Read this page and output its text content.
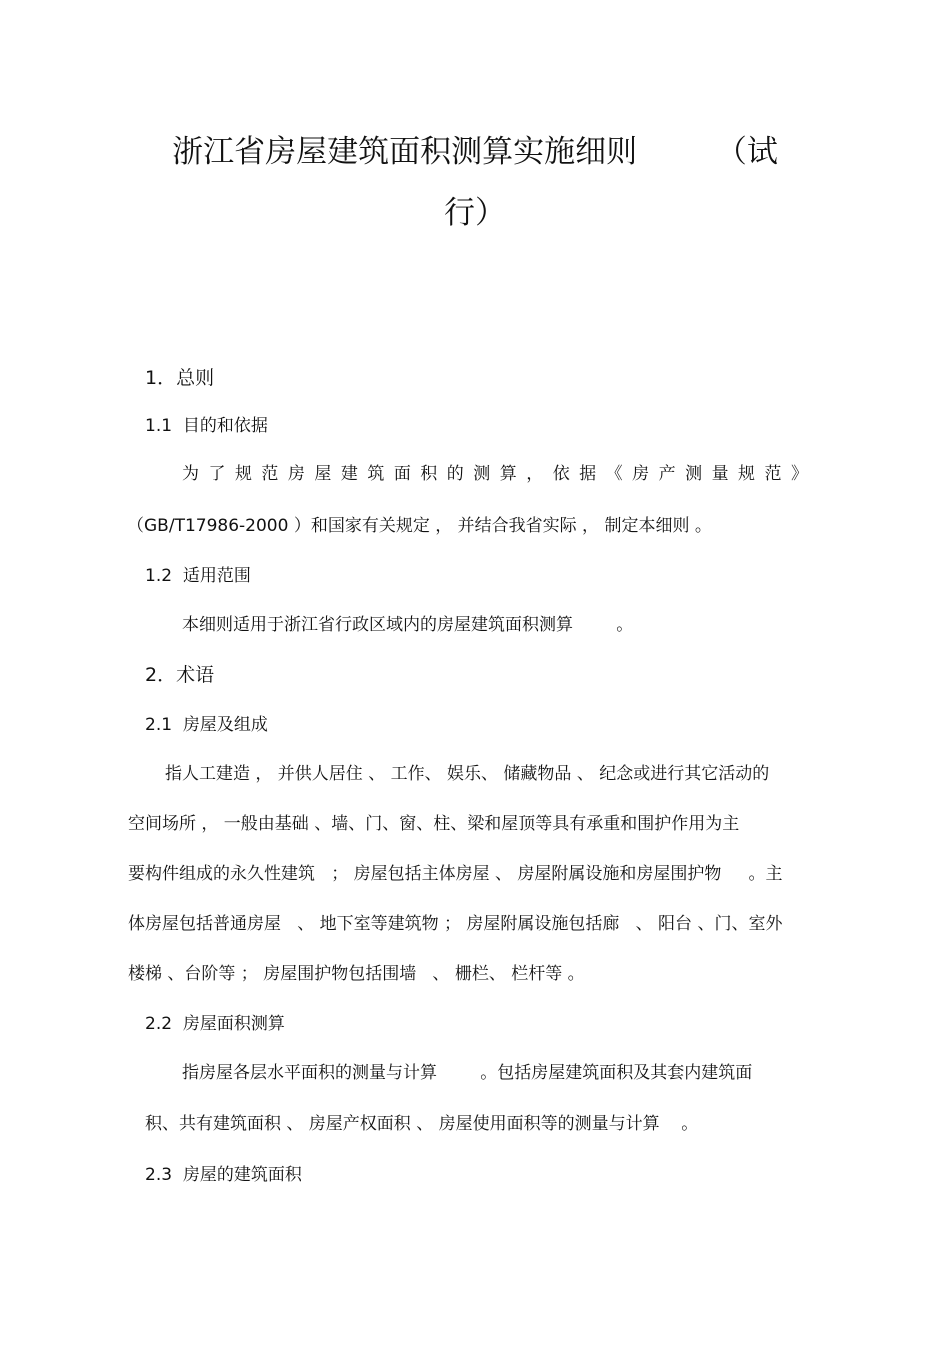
浙江省房屋建筑面积测算实施细则        （试
行）
1．总则
1.1  目的和依据
为了规范房屋建筑面积的测算，依据《房产测量规范》
（GB/T17986-2000 ）和国家有关规定 ， 并结合我省实际 ， 制定本细则 。
1.2  适用范围
本细则适用于浙江省行政区域内的房屋建筑面积测算        。
2．术语
2.1  房屋及组成
指人工建造 ， 并供人居住 、 工作、 娱乐、 储藏物品 、 纪念或进行其它活动的
空间场所 ， 一般由基础 、墙、门、窗、柱、梁和屋顶等具有承重和围护作用为主
要构件组成的永久性建筑   ； 房屋包括主体房屋 、 房屋附属设施和房屋围护物     。主
体房屋包括普通房屋   、 地下室等建筑物 ； 房屋附属设施包括廊   、 阳台 、门、室外
楼梯 、台阶等 ； 房屋围护物包括围墙   、 栅栏、 栏杆等 。
2.2  房屋面积测算
指房屋各层水平面积的测量与计算        。包括房屋建筑面积及其套内建筑面
积、共有建筑面积 、 房屋产权面积 、 房屋使用面积等的测量与计算    。
2.3  房屋的建筑面积
